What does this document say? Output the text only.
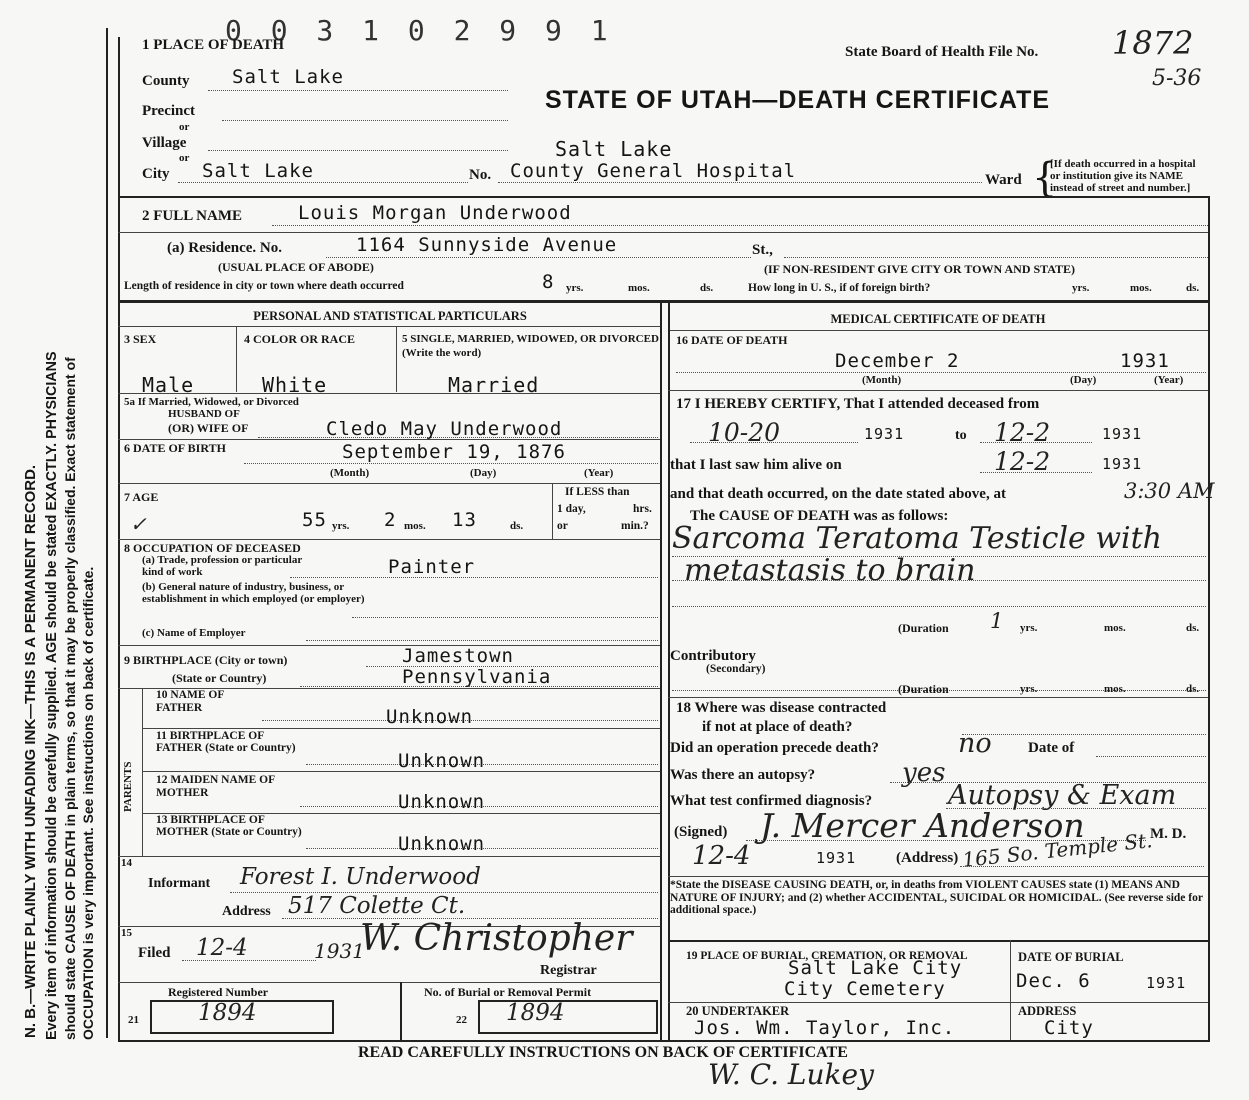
N. B.—WRITE PLAINLY WITH UNFADING INK—THIS IS A PERMANENT RECORD. Every item of information should be carefully supplied. AGE should be stated EXACTLY. PHYSICIANS should state CAUSE OF DEATH in plain terms, so that it may be properly classified. Exact statement of OCCUPATION is very important. See instructions on back of certificate.
0 0 3 1 0 2 9 9 1
1 PLACE OF DEATH	State Board of Health File No. 1872
5-36
STATE OF UTAH—DEATH CERTIFICATE
County Salt Lake
Precinct
or
Village
or
City Salt Lake	No.
Salt Lake
County General Hospital	Ward {
[If death occurred in a hospital or institution give its NAME instead of street and number.]
2 FULL NAME	Louis Morgan Underwood
(a) Residence. No.	1164 Sunnyside Avenue	St.,
(USUAL PLACE OF ABODE)	(IF NON-RESIDENT GIVE CITY OR TOWN AND STATE)
Length of residence in city or town where death occurred	8 yrs.	mos.	ds.	How long in U. S., if of foreign birth?	yrs.	mos.	ds.
PERSONAL AND STATISTICAL PARTICULARS	MEDICAL CERTIFICATE OF DEATH
3 SEX	4 COLOR OR RACE	5 SINGLE, MARRIED, WIDOWED, OR DIVORCED (Write the word)
Male	White	Married
5a If Married, Widowed, or Divorced
HUSBAND OF
(OR) WIFE OF	Cledo May Underwood
6 DATE OF BIRTH	September 19, 1876
(Month)	(Day)	(Year)
7 AGE
✓	55 yrs. 2 mos. 13	ds.
If LESS than
1 day,	hrs.
or	min.?
8 OCCUPATION OF DECEASED
(a) Trade, profession or particular kind of work	Painter
(b) General nature of industry, business, or establishment in which employed (or employer)
(c) Name of Employer
9 BIRTHPLACE (City or town)	Jamestown
(State or Country)	Pennsylvania
PARENTS
10 NAME OF FATHER	Unknown
11 BIRTHPLACE OF FATHER (State or Country)
Unknown
12 MAIDEN NAME OF MOTHER	Unknown
13 BIRTHPLACE OF MOTHER (State or Country)
Unknown
14
Informant Forest I. Underwood
Address 517 Colette Ct.
15
Filed 12-4	1931
W. Christopher
Registrar
Registered Number	No. of Burial or Removal Permit
21	1894	22 1894
16 DATE OF DEATH
December 2	1931
(Month)	(Day)	(Year)
17 I HEREBY CERTIFY, That I attended deceased from
10-20	1931	to 12-2	1931
that I last saw him alive on	12-2	1931
and that death occurred, on the date stated above, at	3:30 AM
The CAUSE OF DEATH was as follows:
Sarcoma Teratoma Testicle with
metastasis to brain
(Duration 1 yrs.	mos.	ds.
Contributory
(Secondary)
(Duration	yrs.	mos.	ds.
18 Where was disease contracted
if not at place of death?
Did an operation precede death?	no Date of
Was there an autopsy?	yes
What test confirmed diagnosis?	Autopsy & Exam
(Signed) J. Mercer Anderson	M. D.
12-4	1931	(Address) 165 So. Temple St.
*State the DISEASE CAUSING DEATH, or, in deaths from VIOLENT CAUSES state (1) MEANS AND NATURE OF INJURY; and (2) whether ACCIDENTAL, SUICIDAL OR HOMICIDAL. (See reverse side for additional space.)
19 PLACE OF BURIAL, CREMATION, OR REMOVAL
Salt Lake City
City Cemetery
DATE OF BURIAL
Dec. 6	1931
20 UNDERTAKER
Jos. Wm. Taylor, Inc.
ADDRESS
City
READ CAREFULLY INSTRUCTIONS ON BACK OF CERTIFICATE
W. C. Lukey
